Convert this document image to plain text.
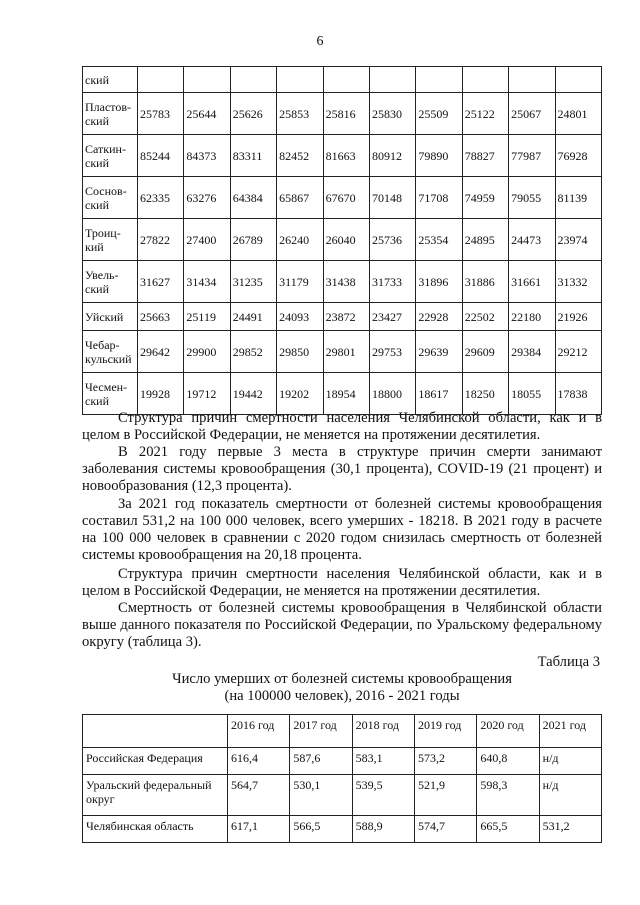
6
ский										
Пластов-ский	25783	25644	25626	25853	25816	25830	25509	25122	25067	24801
Саткин-ский	85244	84373	83311	82452	81663	80912	79890	78827	77987	76928
Соснов-ский	62335	63276	64384	65867	67670	70148	71708	74959	79055	81139
Троиц-кий	27822	27400	26789	26240	26040	25736	25354	24895	24473	23974
Увель-ский	31627	31434	31235	31179	31438	31733	31896	31886	31661	31332
Уйский	25663	25119	24491	24093	23872	23427	22928	22502	22180	21926
Чебар-кульский	29642	29900	29852	29850	29801	29753	29639	29609	29384	29212
Чесмен-ский	19928	19712	19442	19202	18954	18800	18617	18250	18055	17838

Структура причин смертности населения Челябинской области, как и в целом в Российской Федерации, не меняется на протяжении десятилетия.

В 2021 году первые 3 места в структуре причин смерти занимают заболевания системы кровообращения (30,1 процента), COVID-19 (21 процент) и новообразования (12,3 процента).

За 2021 год показатель смертности от болезней системы кровообращения составил 531,2 на 100 000 человек, всего умерших - 18218. В 2021 году в расчете на 100 000 человек в сравнении с 2020 годом снизилась смертность от болезней системы кровообращения на 20,18 процента.

Структура причин смертности населения Челябинской области, как и в целом в Российской Федерации, не меняется на протяжении десятилетия.

Смертность от болезней системы кровообращения в Челябинской области выше данного показателя по Российской Федерации, по Уральскому федеральному округу (таблица 3).

Таблица 3
Число умерших от болезней системы кровообращения
(на 100000 человек), 2016 - 2021 годы
	2016 год	2017 год	2018 год	2019 год	2020 год	2021 год
Российская Федерация	616,4	587,6	583,1	573,2	640,8	н/д
Уральский федеральный округ	564,7	530,1	539,5	521,9	598,3	н/д
Челябинская область	617,1	566,5	588,9	574,7	665,5	531,2
